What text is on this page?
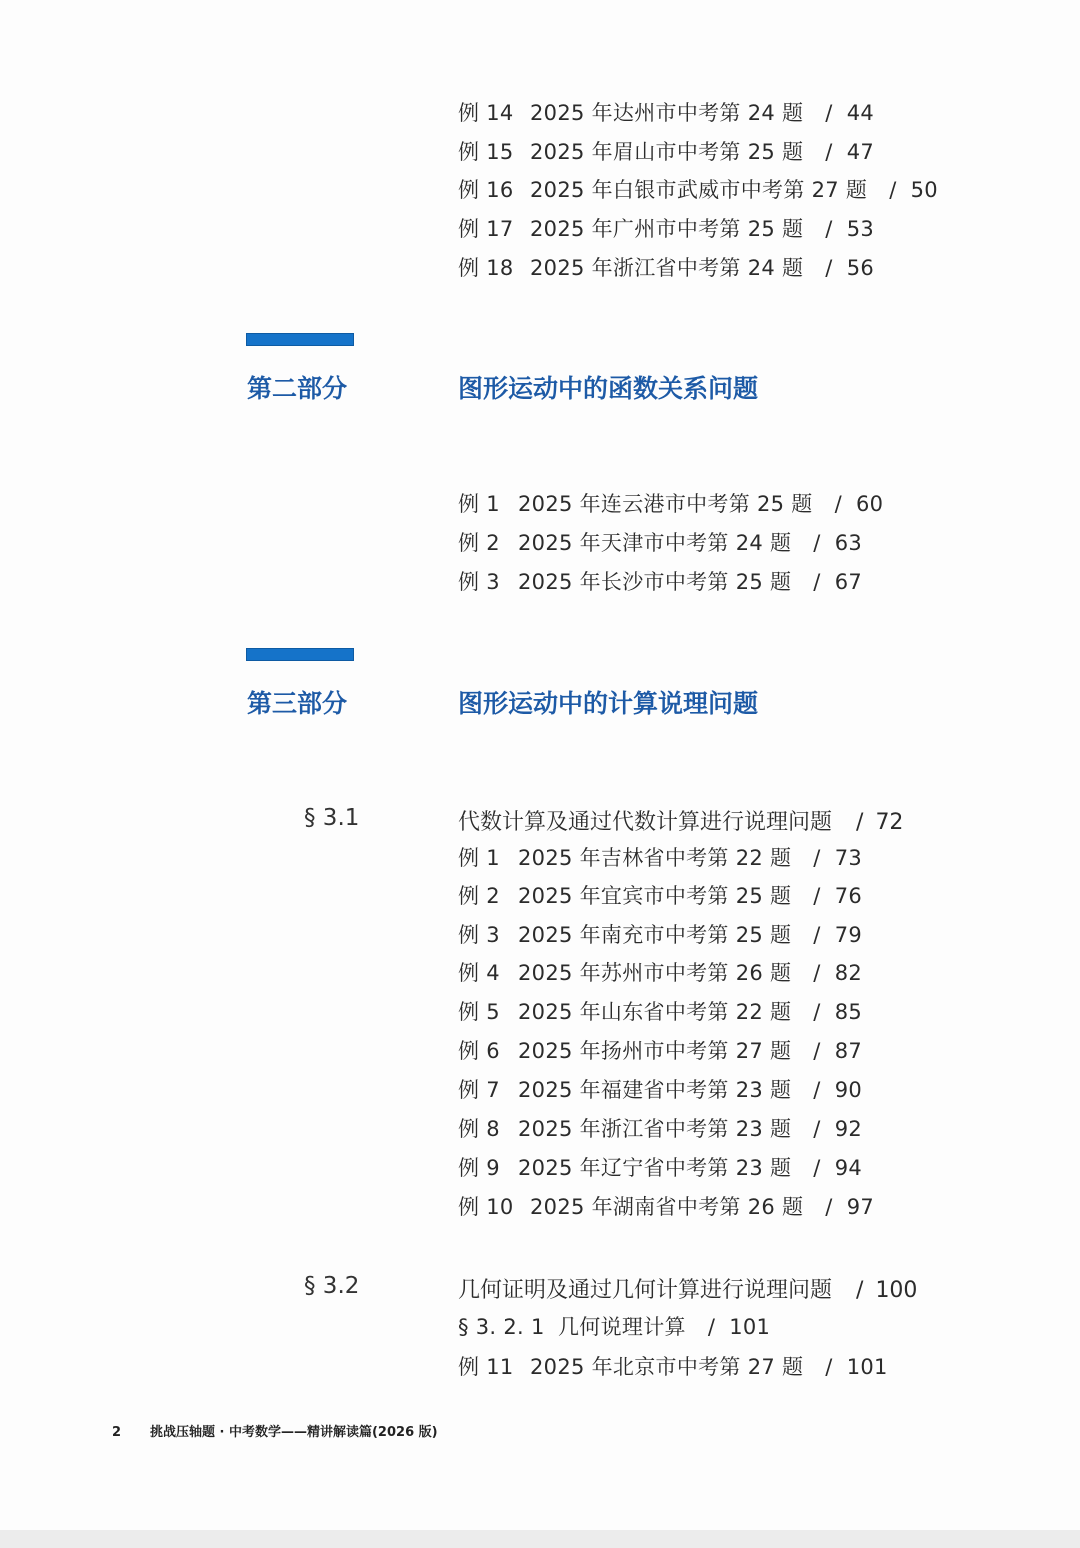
例 14 2025 年达州市中考第 24 题 / 44
例 15 2025 年眉山市中考第 25 题 / 47
例 16 2025 年白银市武威市中考第 27 题 / 50
例 17 2025 年广州市中考第 25 题 / 53
例 18 2025 年浙江省中考第 24 题 / 56
第二部分	图形运动中的函数关系问题
例 1 2025 年连云港市中考第 25 题 / 60
例 2 2025 年天津市中考第 24 题 / 63
例 3 2025 年长沙市中考第 25 题 / 67
第三部分	图形运动中的计算说理问题
§ 3.1	代数计算及通过代数计算进行说理问题 / 72
例 1 2025 年吉林省中考第 22 题 / 73
例 2 2025 年宜宾市中考第 25 题 / 76
例 3 2025 年南充市中考第 25 题 / 79
例 4 2025 年苏州市中考第 26 题 / 82
例 5 2025 年山东省中考第 22 题 / 85
例 6 2025 年扬州市中考第 27 题 / 87
例 7 2025 年福建省中考第 23 题 / 90
例 8 2025 年浙江省中考第 23 题 / 92
例 9 2025 年辽宁省中考第 23 题 / 94
例 10 2025 年湖南省中考第 26 题 / 97
§ 3.2	几何证明及通过几何计算进行说理问题 / 100
§ 3. 2. 1 几何说理计算 / 101
例 11 2025 年北京市中考第 27 题 / 101
2 挑战压轴题 · 中考数学——精讲解读篇(2026 版)
